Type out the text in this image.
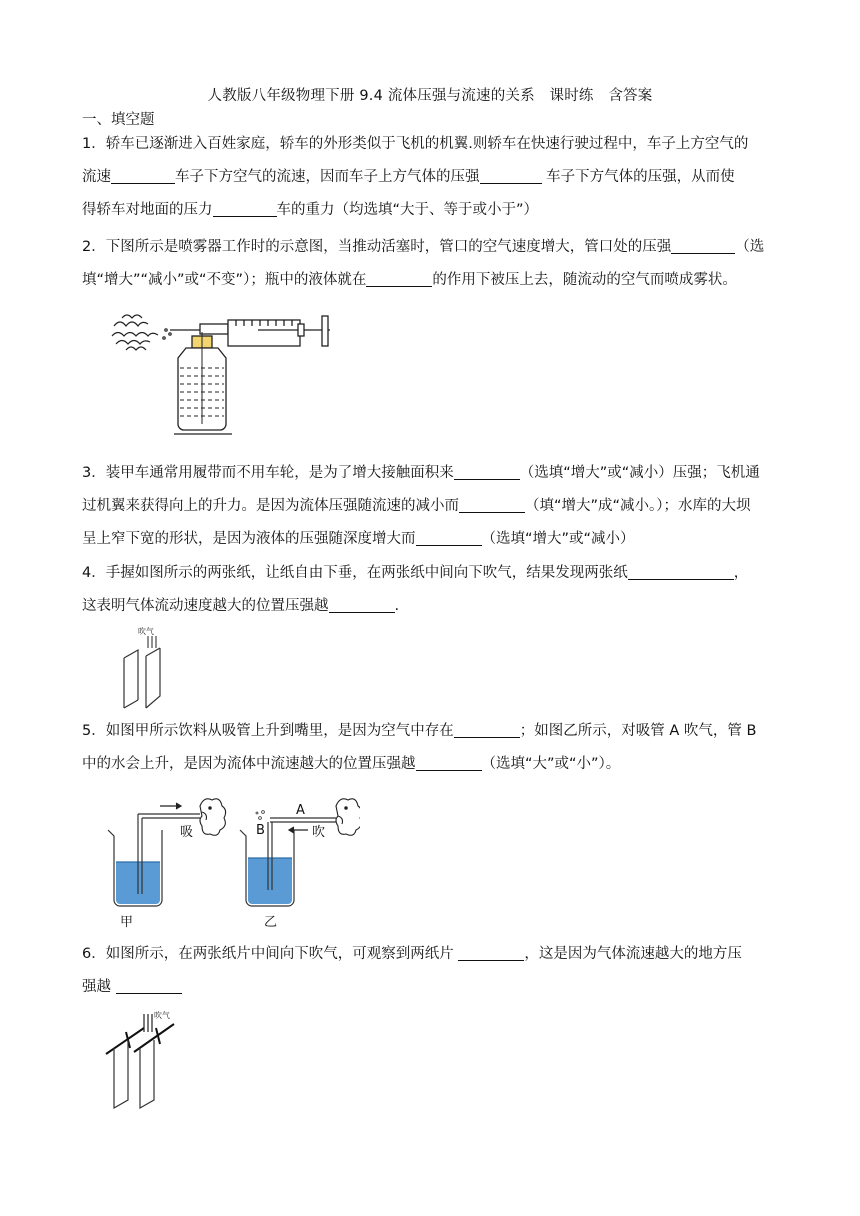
人教版八年级物理下册 9.4 流体压强与流速的关系　课时练　含答案
一、填空题
1．轿车已逐渐进入百姓家庭，轿车的外形类似于飞机的机翼.则轿车在快速行驶过程中，车子上方空气的
流速	车子下方空气的流速，因而车子上方气体的压强	车子下方气体的压强，从而使
得轿车对地面的压力	车的重力（均选填“大于、等于或小于”）
2．下图所示是喷雾器工作时的示意图，当推动活塞时，管口的空气速度增大，管口处的压强	（选
填“增大”“减小”或“不变”）；瓶中的液体就在	的作用下被压上去，随流动的空气而喷成雾状。
3．装甲车通常用履带而不用车轮，是为了增大接触面积来	（选填“增大”或“减小）压强；飞机通
过机翼来获得向上的升力。是因为流体压强随流速的减小而	（填“增大”成“减小。）；水库的大坝
呈上窄下宽的形状，是因为液体的压强随深度增大而	（选填“增大”或“减小）
4．手握如图所示的两张纸，让纸自由下垂，在两张纸中间向下吹气，结果发现两张纸	，
这表明气体流动速度越大的位置压强越	.
吹气
5．如图甲所示饮料从吸管上升到嘴里，是因为空气中存在	；如图乙所示，对吸管 A 吹气，管 B
中的水会上升，是因为流体中流速越大的位置压强越	（选填“大”或“小”）。
吸
甲
B
A
吹
乙
6．如图所示，在两张纸片中间向下吹气，可观察到两纸片	，这是因为气体流速越大的地方压
强越
吹气
